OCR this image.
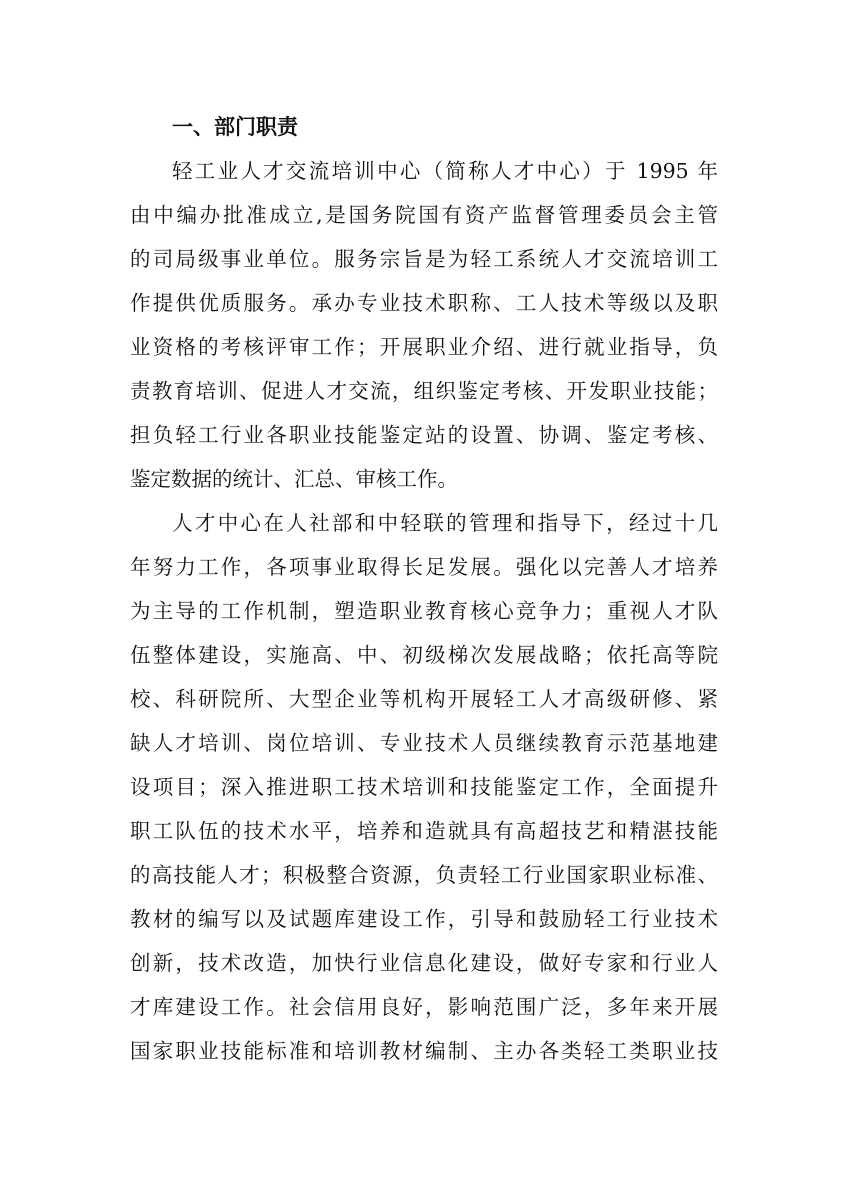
一、部门职责

轻工业人才交流培训中心（简称人才中心）于 1995 年

由中编办批准成立,是国务院国有资产监督管理委员会主管

的司局级事业单位。服务宗旨是为轻工系统人才交流培训工

作提供优质服务。承办专业技术职称、工人技术等级以及职

业资格的考核评审工作；开展职业介绍、进行就业指导，负

责教育培训、促进人才交流，组织鉴定考核、开发职业技能；

担负轻工行业各职业技能鉴定站的设置、协调、鉴定考核、

鉴定数据的统计、汇总、审核工作。

人才中心在人社部和中轻联的管理和指导下，经过十几

年努力工作，各项事业取得长足发展。强化以完善人才培养

为主导的工作机制，塑造职业教育核心竞争力；重视人才队

伍整体建设，实施高、中、初级梯次发展战略；依托高等院

校、科研院所、大型企业等机构开展轻工人才高级研修、紧

缺人才培训、岗位培训、专业技术人员继续教育示范基地建

设项目；深入推进职工技术培训和技能鉴定工作，全面提升

职工队伍的技术水平，培养和造就具有高超技艺和精湛技能

的高技能人才；积极整合资源，负责轻工行业国家职业标准、

教材的编写以及试题库建设工作，引导和鼓励轻工行业技术

创新，技术改造，加快行业信息化建设，做好专家和行业人

才库建设工作。社会信用良好，影响范围广泛，多年来开展

国家职业技能标准和培训教材编制、主办各类轻工类职业技
